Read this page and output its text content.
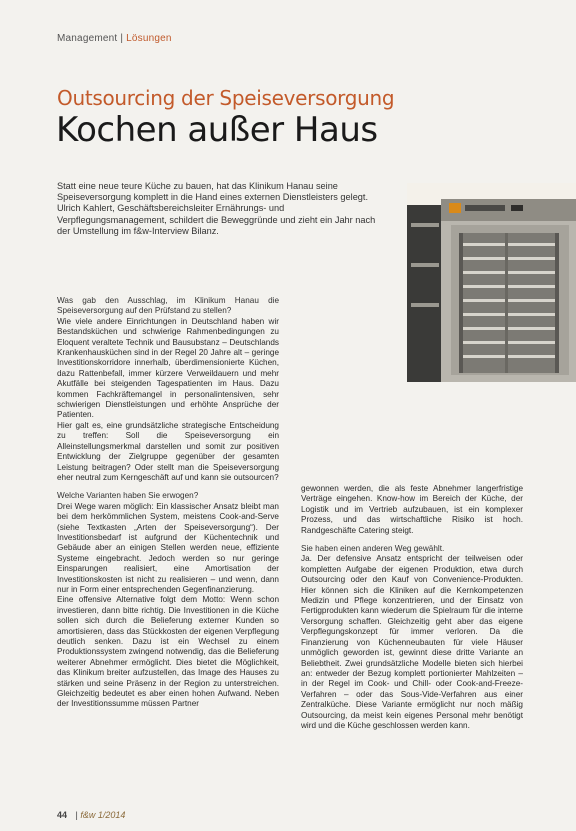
Management | Lösungen
Outsourcing der Speiseversorgung
Kochen außer Haus
Statt eine neue teure Küche zu bauen, hat das Klinikum Hanau seine Speiseversorgung komplett in die Hand eines externen Dienstleisters gelegt. Ulrich Kahlert, Geschäftsbereichsleiter Ernährungs- und Verpflegungsmanagement, schildert die Beweggründe und zieht ein Jahr nach der Umstellung im f&w-Interview Bilanz.

Was gab den Ausschlag, im Klinikum Hanau die Speiseversorgung auf den Prüfstand zu stellen?

Wie viele andere Einrichtungen in Deutschland haben wir Bestandsküchen und schwierige Rahmenbedingungen zu Eloquent veraltete Technik und Bausubstanz – Deutschlands Krankenhausküchen sind in der Regel 20 Jahre alt – geringe Investitionskorridore innerhalb, überdimensionierte Küchen, dazu Rattenbefall, immer kürzere Verweildauern und mehr Akutfälle bei steigenden Tagespatienten im Haus. Dazu kommen Fachkräftemangel in personalintensiven, sehr schwierigen Dienstleistungen und erhöhte Ansprüche der Patienten.

Hier galt es, eine grundsätzliche strategische Entscheidung zu treffen: Soll die Speiseversorgung ein Alleinstellungsmerkmal darstellen und somit zur positiven Entwicklung der Zielgruppe gegenüber der gesamten Leistung beitragen? Oder stellt man die Speiseversorgung eher neutral zum Kerngeschäft auf und kann sie outsourcen?

Welche Varianten haben Sie erwogen?

Drei Wege waren möglich: Ein klassischer Ansatz bleibt man bei dem herkömmlichen System, meistens Cook-and-Serve (siehe Textkasten „Arten der Speiseversorgung“). Der Investitionsbedarf ist aufgrund der Küchentechnik und Gebäude aber an einigen Stellen werden neue, effiziente Systeme eingebracht. Jedoch werden so nur geringe Einsparungen realisiert, eine Amortisation der Investitionskosten ist nicht zu realisieren – und wenn, dann nur in Form einer entsprechenden Gegenfinanzierung.

Eine offensive Alternative folgt dem Motto: Wenn schon investieren, dann bitte richtig. Die Investitionen in die Küche sollen sich durch die Belieferung externer Kunden so amortisieren, dass das Stückkosten der eigenen Verpflegung deutlich senken. Dazu ist ein Wechsel zu einem Produktionssystem zwingend notwendig, das die Belieferung weiterer Abnehmer ermöglicht. Dies bietet die Möglichkeit, das Klinikum breiter aufzustellen, das Image des Hauses zu stärken und seine Präsenz in der Region zu unterstreichen. Gleichzeitig bedeutet es aber einen hohen Aufwand. Neben der Investitionssumme müssen Partner

gewonnen werden, die als feste Abnehmer langerfristige Verträge eingehen. Know-how im Bereich der Küche, der Logistik und im Vertrieb aufzubauen, ist ein komplexer Prozess, und das wirtschaftliche Risiko ist hoch. Randgeschäfte Catering steigt.

Sie haben einen anderen Weg gewählt.

Ja. Der defensive Ansatz entspricht der teilweisen oder kompletten Aufgabe der eigenen Produktion, etwa durch Outsourcing oder den Kauf von Convenience-Produkten. Hier können sich die Kliniken auf die Kernkompetenzen Medizin und Pflege konzentrieren, und der Einsatz von Fertigprodukten kann wiederum die Spielraum für die interne Versorgung schaffen. Gleichzeitig geht aber das eigene Verpflegungskonzept für immer verloren. Da die Finanzierung von Küchenneubauten für viele Häuser unmöglich geworden ist, gewinnt diese dritte Variante an Beliebtheit. Zwei grundsätzliche Modelle bieten sich hierbei an: entweder der Bezug komplett portionierter Mahlzeiten – in der Regel im Cook- und Chill- oder Cook-and-Freeze-Verfahren – oder das Sous-Vide-Verfahren aus einer Zentralküche. Diese Variante ermöglicht nur noch mäßig Outsourcing, da meist kein eigenes Personal mehr benötigt wird und die Küche geschlossen werden kann.

44 | f&w 1/2014
